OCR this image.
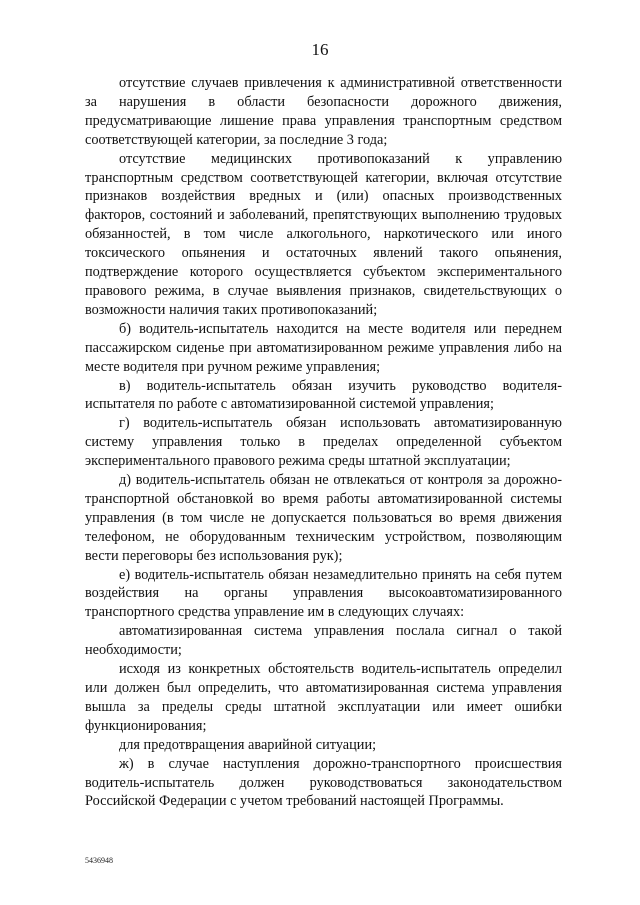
16

отсутствие случаев привлечения к административной ответственности за нарушения в области безопасности дорожного движения, предусматривающие лишение права управления транспортным средством соответствующей категории, за последние 3 года;

отсутствие медицинских противопоказаний к управлению транспортным средством соответствующей категории, включая отсутствие признаков воздействия вредных и (или) опасных производственных факторов, состояний и заболеваний, препятствующих выполнению трудовых обязанностей, в том числе алкогольного, наркотического или иного токсического опьянения и остаточных явлений такого опьянения, подтверждение которого осуществляется субъектом экспериментального правового режима, в случае выявления признаков, свидетельствующих о возможности наличия таких противопоказаний;

б) водитель-испытатель находится на месте водителя или переднем пассажирском сиденье при автоматизированном режиме управления либо на месте водителя при ручном режиме управления;

в) водитель-испытатель обязан изучить руководство водителя-испытателя по работе с автоматизированной системой управления;

г) водитель-испытатель обязан использовать автоматизированную систему управления только в пределах определенной субъектом экспериментального правового режима среды штатной эксплуатации;

д) водитель-испытатель обязан не отвлекаться от контроля за дорожно-транспортной обстановкой во время работы автоматизированной системы управления (в том числе не допускается пользоваться во время движения телефоном, не оборудованным техническим устройством, позволяющим вести переговоры без использования рук);

е) водитель-испытатель обязан незамедлительно принять на себя путем воздействия на органы управления высокоавтоматизированного транспортного средства управление им в следующих случаях:

автоматизированная система управления послала сигнал о такой необходимости;

исходя из конкретных обстоятельств водитель-испытатель определил или должен был определить, что автоматизированная система управления вышла за пределы среды штатной эксплуатации или имеет ошибки функционирования;

для предотвращения аварийной ситуации;

ж) в случае наступления дорожно-транспортного происшествия водитель-испытатель должен руководствоваться законодательством Российской Федерации с учетом требований настоящей Программы.

5436948
